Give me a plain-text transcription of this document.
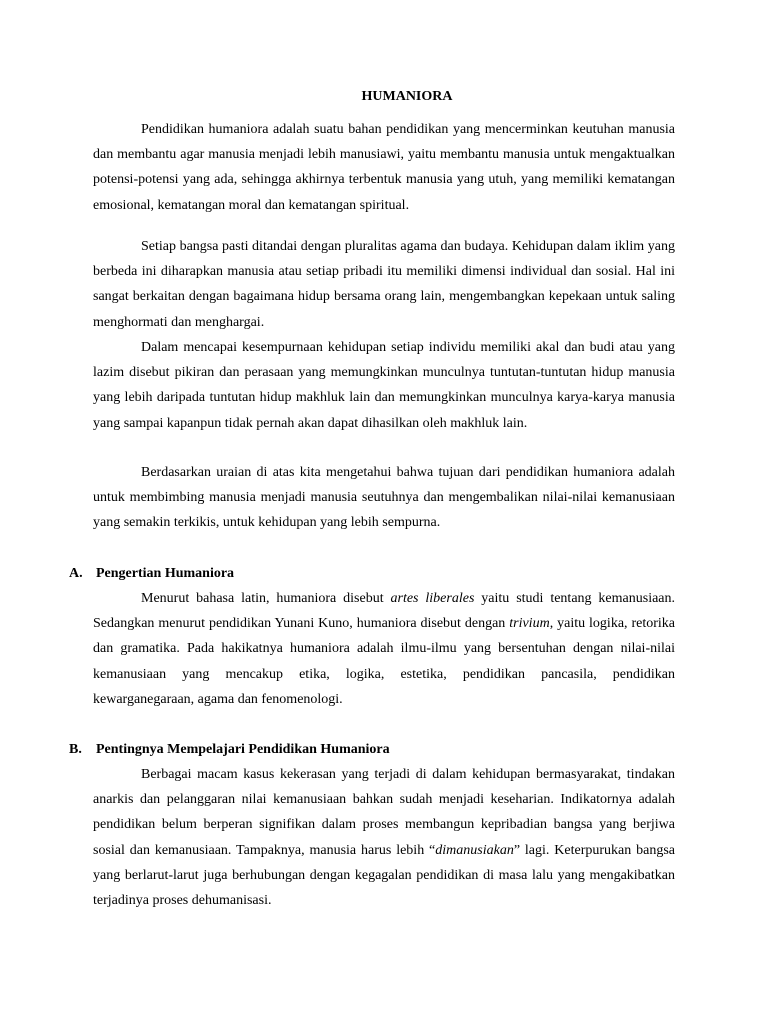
HUMANIORA

Pendidikan humaniora adalah suatu bahan pendidikan yang mencerminkan keutuhan manusia dan membantu agar manusia menjadi lebih manusiawi, yaitu membantu manusia untuk mengaktualkan potensi-potensi yang ada, sehingga akhirnya terbentuk manusia yang utuh, yang memiliki kematangan emosional, kematangan moral dan kematangan spiritual.

Setiap bangsa pasti ditandai dengan pluralitas agama dan budaya. Kehidupan dalam iklim yang berbeda ini diharapkan manusia atau setiap pribadi itu memiliki dimensi individual dan sosial. Hal ini sangat berkaitan dengan bagaimana hidup bersama orang lain, mengembangkan kepekaan untuk saling menghormati dan menghargai.

Dalam mencapai kesempurnaan kehidupan setiap individu memiliki akal dan budi atau yang lazim disebut pikiran dan perasaan yang memungkinkan munculnya tuntutan-tuntutan hidup manusia yang lebih daripada tuntutan hidup makhluk lain dan memungkinkan munculnya karya-karya manusia yang sampai kapanpun tidak pernah akan dapat dihasilkan oleh makhluk lain.

Berdasarkan uraian di atas kita mengetahui bahwa tujuan dari pendidikan humaniora adalah untuk membimbing manusia menjadi manusia seutuhnya dan mengembalikan nilai-nilai kemanusiaan yang semakin terkikis, untuk kehidupan yang lebih sempurna.

A. Pengertian Humaniora

Menurut bahasa latin, humaniora disebut artes liberales yaitu studi tentang kemanusiaan. Sedangkan menurut pendidikan Yunani Kuno, humaniora disebut dengan trivium, yaitu logika, retorika dan gramatika. Pada hakikatnya humaniora adalah ilmu-ilmu yang bersentuhan dengan nilai-nilai kemanusiaan yang mencakup etika, logika, estetika, pendidikan pancasila, pendidikan kewarganegaraan, agama dan fenomenologi.

B. Pentingnya Mempelajari Pendidikan Humaniora

Berbagai macam kasus kekerasan yang terjadi di dalam kehidupan bermasyarakat, tindakan anarkis dan pelanggaran nilai kemanusiaan bahkan sudah menjadi keseharian. Indikatornya adalah pendidikan belum berperan signifikan dalam proses membangun kepribadian bangsa yang berjiwa sosial dan kemanusiaan. Tampaknya, manusia harus lebih “dimanusiakan” lagi. Keterpurukan bangsa yang berlarut-larut juga berhubungan dengan kegagalan pendidikan di masa lalu yang mengakibatkan terjadinya proses dehumanisasi.
